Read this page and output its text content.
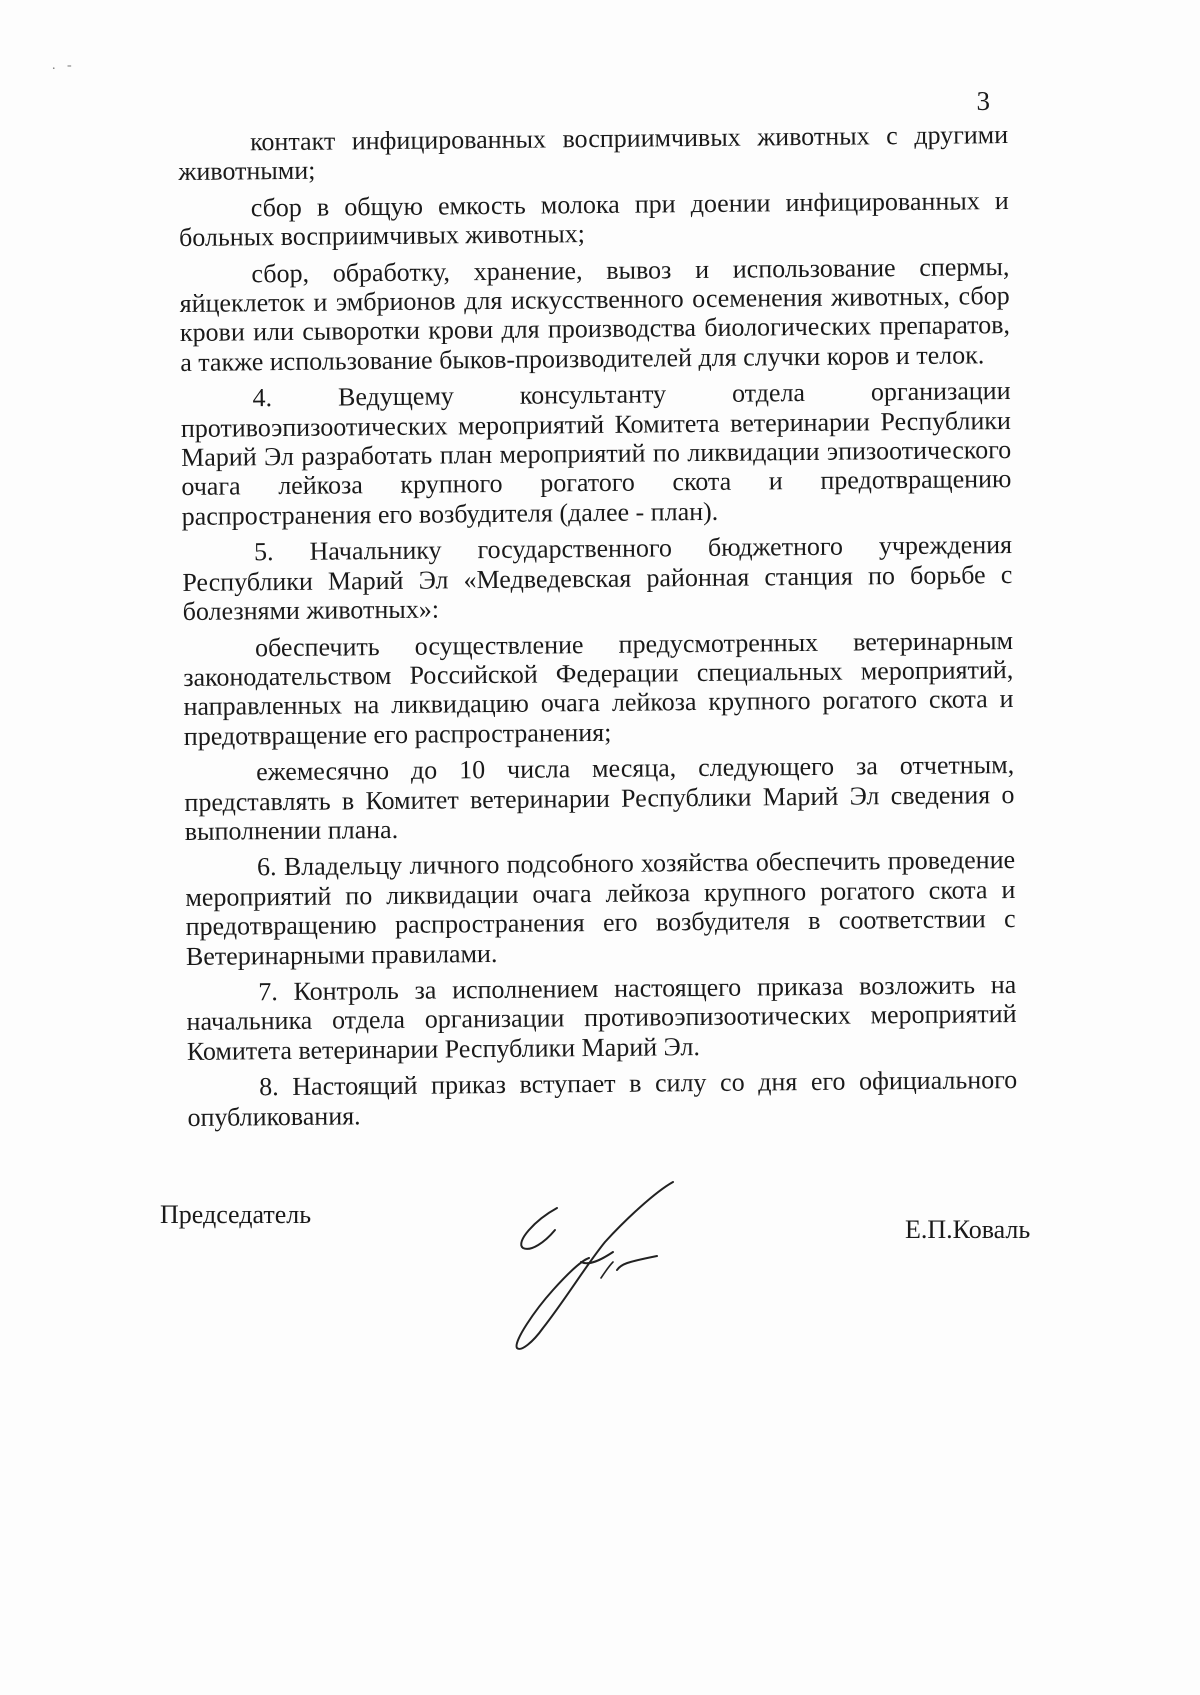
. -
3

контакт инфицированных восприимчивых животных с другими животными;

сбор в общую емкость молока при доении инфицированных и больных восприимчивых животных;

сбор, обработку, хранение, вывоз и использование спермы, яйцеклеток и эмбрионов для искусственного осеменения животных, сбор крови или сыворотки крови для производства биологических препаратов, а также использование быков-производителей для случки коров и телок.

4. Ведущему консультанту отдела организации противоэпизоотических мероприятий Комитета ветеринарии Республики Марий Эл разработать план мероприятий по ликвидации эпизоотического очага лейкоза крупного рогатого скота и предотвращению распространения его возбудителя (далее - план).

5. Начальнику государственного бюджетного учреждения Республики Марий Эл «Медведевская районная станция по борьбе с болезнями животных»:

обеспечить осуществление предусмотренных ветеринарным законодательством Российской Федерации специальных мероприятий, направленных на ликвидацию очага лейкоза крупного рогатого скота и предотвращение его распространения;

ежемесячно до 10 числа месяца, следующего за отчетным, представлять в Комитет ветеринарии Республики Марий Эл сведения о выполнении плана.

6. Владельцу личного подсобного хозяйства обеспечить проведение мероприятий по ликвидации очага лейкоза крупного рогатого скота и предотвращению распространения его возбудителя в соответствии с Ветеринарными правилами.

7. Контроль за исполнением настоящего приказа возложить на начальника отдела организации противоэпизоотических мероприятий Комитета ветеринарии Республики Марий Эл.

8. Настоящий приказ вступает в силу со дня его официального опубликования.

Председатель
Е.П.Коваль
